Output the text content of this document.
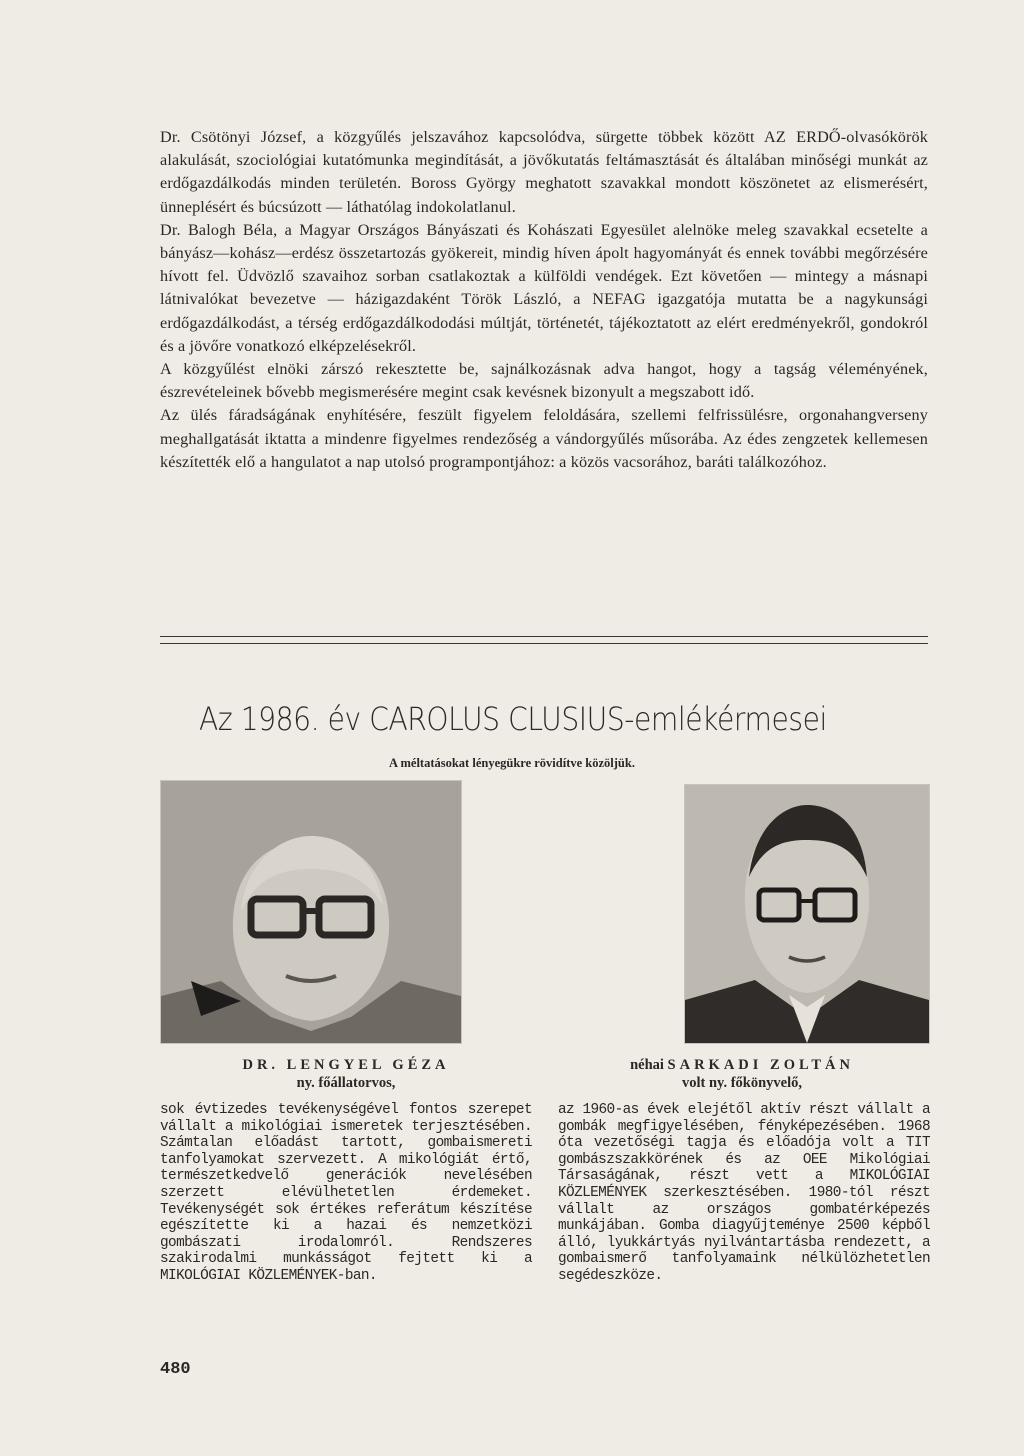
Dr. Csötönyi József, a közgyűlés jelszavához kapcsolódva, sürgette többek között AZ ERDŐ-olvasókörök alakulását, szociológiai kutatómunka megindítását, a jövőkutatás feltámasztását és általában minőségi munkát az erdőgazdálkodás minden területén. Boross György meghatott szavakkal mondott köszönetet az elismerésért, ünneplésért és búcsúzott — láthatólag indokolatlanul.

Dr. Balogh Béla, a Magyar Országos Bányászati és Kohászati Egyesület alelnöke meleg szavakkal ecsetelte a bányász—kohász—erdész összetartozás gyökereit, mindig híven ápolt hagyományát és ennek további megőrzésére hívott fel. Üdvözlő szavaihoz sorban csatlakoztak a külföldi vendégek. Ezt követően — mintegy a másnapi látnivalókat bevezetve — házigazdaként Török László, a NEFAG igazgatója mutatta be a nagykunsági erdőgazdálkodást, a térség erdőgazdálkododási múltját, történetét, tájékoztatott az elért eredményekről, gondokról és a jövőre vonatkozó elképzelésekről.

A közgyűlést elnöki zárszó rekesztette be, sajnálkozásnak adva hangot, hogy a tagság véleményének, észrevételeinek bővebb megismerésére megint csak kevésnek bizonyult a megszabott idő.

Az ülés fáradságának enyhítésére, feszült figyelem feloldására, szellemi felfrissülésre, orgonahangverseny meghallgatását iktatta a mindenre figyelmes rendezőség a vándorgyűlés műsorába. Az édes zengzetek kellemesen készítették elő a hangulatot a nap utolsó programpontjához: a közös vacsorához, baráti találkozóhoz.

Az 1986. év CAROLUS CLUSIUS-emlékérmesei
A méltatásokat lényegükre rövidítve közöljük.
DR. LENGYEL GÉZA
ny. főállatorvos,
néhai SARKADI ZOLTÁN
volt ny. főkönyvelő,
sok évtizedes tevékenységével fontos szerepet vállalt a mikológiai ismeretek terjesztésében. Számtalan előadást tartott, gombaismereti tanfolyamokat szervezett. A mikológiát értő, természetkedvelő generációk nevelésében szerzett elévülhetetlen érdemeket. Tevékenységét sok értékes referátum készítése egészítette ki a hazai és nemzetközi gombászati irodalomról. Rendszeres szakirodalmi munkásságot fejtett ki a MIKOLÓGIAI KÖZLEMÉNYEK-ban.
az 1960-as évek elejétől aktív részt vállalt a gombák megfigyelésében, fényképezésében. 1968 óta vezetőségi tagja és előadója volt a TIT gombászszakkörének és az OEE Mikológiai Társaságának, részt vett a MIKOLÓGIAI KÖZLEMÉNYEK szerkesztésében. 1980-tól részt vállalt az országos gombatérképezés munkájában. Gomba diagyűjteménye 2500 képből álló, lyukkártyás nyilvántartásba rendezett, a gombaismerő tanfolyamaink nélkülözhetetlen segédeszköze.
480
